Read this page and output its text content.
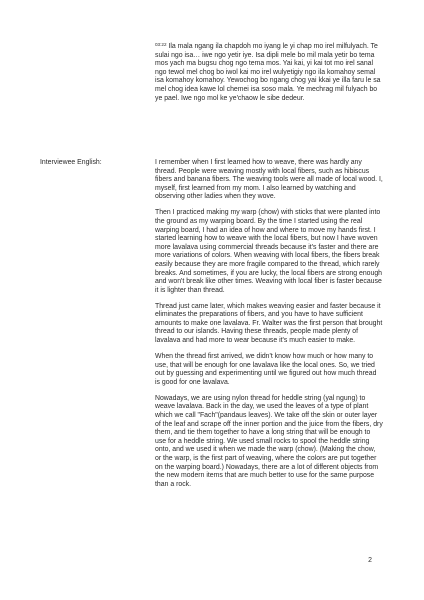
$^{03:22}$ Ila mala ngang ila chapdoh mo iyang le yi chap mo irel milfulyach. Te sulai ngo isa… iwe ngo yetir iye. Isa dipli mele bo mil mala yetir bo tema mos yach ma bugsu chog ngo tema mos. Yai kai, yi kai tot mo irel sanal ngo tewol mel chog bo iwol kai mo irel wulyetigiy ngo ila komahoy semal isa komahoy komahoy. Yewochog bo ngang chog yai kkai ye illa faru le sa mel chog idea kawe lol chemei isa soso mala. Ye mechrag mil fulyach bo ye pael. Iwe ngo mol ke ye'chaow le sibe dedeur.

Interviewee English:	I remember when I first learned how to weave, there was hardly any thread. People were weaving mostly with local fibers, such as hibiscus fibers and banana fibers. The weaving tools were all made of local wood. I, myself, first learned from my mom. I also learned by watching and observing other ladies when they wove.

Then I practiced making my warp (chow) with sticks that were planted into the ground as my warping board. By the time I started using the real warping board, I had an idea of how and where to move my hands first. I started learning how to weave with the local fibers, but now I have woven more lavalava using commercial threads because it's faster and there are more variations of colors. When weaving with local fibers, the fibers break easily because they are more fragile compared to the thread, which rarely breaks. And sometimes, if you are lucky, the local fibers are strong enough and won't break like other times. Weaving with local fiber is faster because it is lighter than thread.

Thread just came later, which makes weaving easier and faster because it eliminates the preparations of fibers, and you have to have sufficient amounts to make one lavalava. Fr. Walter was the first person that brought thread to our islands. Having these threads, people made plenty of lavalava and had more to wear because it's much easier to make.

When the thread first arrived, we didn't know how much or how many to use, that will be enough for one lavalava like the local ones. So, we tried out by guessing and experimenting until we figured out how much thread is good for one lavalava.

Nowadays, we are using nylon thread for heddle string (yal ngung) to weave lavalava. Back in the day, we used the leaves of a type of plant which we call "Fach"(pandaus leaves). We take off the skin or outer layer of the leaf and scrape off the inner portion and the juice from the fibers, dry them, and tie them together to have a long string that will be enough to use for a heddle string. We used small rocks to spool the heddle string onto, and we used it when we made the warp (chow). (Making the chow, or the warp, is the first part of weaving, where the colors are put together on the warping board.) Nowadays, there are a lot of different objects from the new modern items that are much better to use for the same purpose than a rock.

2
